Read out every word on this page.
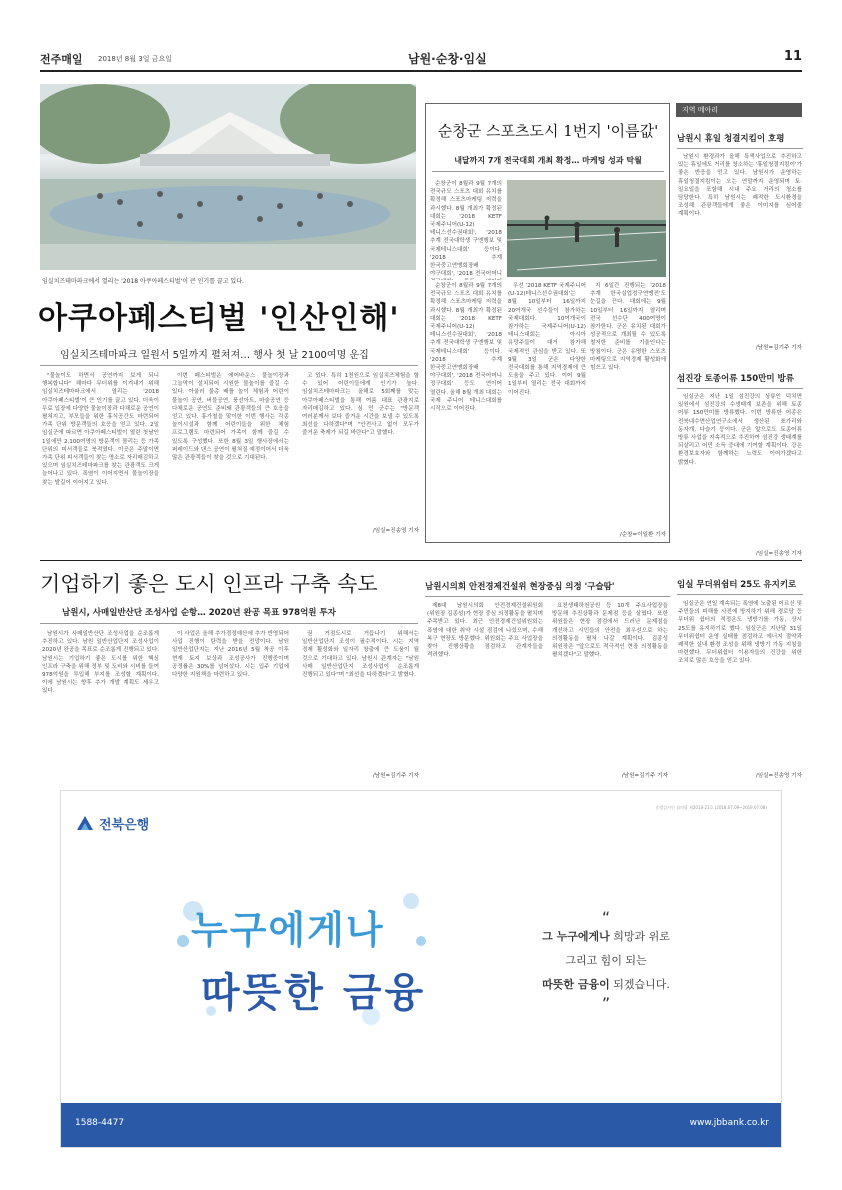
전주매일 2018년 8월 3일 금요일	남원·순창·임실	11
임실치즈테마파크에서 열리는 '2018 아쿠아페스티벌'이 큰 인기를 끌고 있다.
아쿠아페스티벌 '인산인해'
임실치즈테마파크 일원서 5일까지 펼쳐져… 행사 첫 날 2100여명 운집

"물놀이도 하면서 공연까지 보게 되니 행복합니다" 해마다 무더위를 이겨내기 위해 임실치즈테마파크에서 열리는 '2018 아쿠아페스티벌'이 큰 인기를 끌고 있다. 더욱이 무료 입장에 다양한 물놀이장과 다채로운 공연이 펼쳐지고, 부모들을 위한 휴식공간도 마련되어 가족 단위 방문객들의 호응을 얻고 있다. 2일 임실군에 따르면 아쿠아페스티벌이 열린 첫날인 1일에만 2,100여명의 방문객이 몰리는 등 가족 단위의 피서객들로 북적였다. 이곳은 주말이면 가족 단위 피서객들이 찾는 명소로 자리매김하고 있으며 임실치즈테마파크를 찾는 관광객도 크게 늘어나고 있다. 폭염이 이어지면서 물놀이장을 찾는 발길이 이어지고 있다.

이번 페스티벌은 에어바운스 물놀이장과 그늘막이 설치되어 시원한 물놀이를 즐길 수 있다. 아울러 물총 배틀 놀이 체험과 어린이 물놀이 공연, 버블공연, 풍선아트, 마술공연 등 다채로운 공연도 준비돼 관광객들의 큰 호응을 얻고 있다. 휴가철을 맞이한 이번 행사는 각종 놀이시설과 함께 어린이들을 위한 체험 프로그램도 마련되어 가족이 함께 즐길 수 있도록 구성했다. 또한 8월 3일 행사장에서는 퍼레이드와 댄스 공연이 펼쳐질 예정이어서 더욱 많은 관광객들이 찾을 것으로 기대된다.

고 있다. 특히 1천원으로 임실치즈체험을 할 수 있어 어린이들에게 인기가 높다. 임실치즈테마파크는 올해로 5회째를 맞는 아쿠아페스티벌을 통해 여름 대표 관광지로 자리매김하고 있다. 심 민 군수는 "방문객 여러분께서 보다 즐거운 시간을 보낼 수 있도록 최선을 다하겠다"며 "안전사고 없이 모두가 즐거운 축제가 되길 바란다"고 말했다.

/임실=진송영 기자
순창군 스포츠도시 1번지 '이름값'
내달까지 7개 전국대회 개최 확정… 마케팅 성과 탁월

순창군이 8월과 9월 7개의 전국규모 스포츠 대회 유치를 확정해 스포츠마케팅 저력을 과시했다. 8월 개최가 확정된 대회는 '2018 KETF 국제주니어(U-12)테니스선수권대회', '2018 추계 전국대학생 구엔행보 및 국제테니스대회' 등이다. '2018 추계 한국중고연맹회장배 야구대회', '2018 전국어머니

우선 '2018 KETF 국제주니어(U-12)테니스선수권대회'는 8월 10일부터 16일까지 20여개국 선수들이 참가하는 국제대회다. 10여개국이 참가하는 국제주니어(U-12)테니스대회는 아시아 유망주들이 대거 참가해 국제적인 관심을 받고 있다. 또 9월 3일 군은 다양한 전국대회를 통해 지역경제에 큰 도움을 주고 있다. 이어 9월 1일부터 열리는 전국 대회까지 이어진다.

순창군이 8월과 9월 7개의 전국규모 스포츠 대회 유치를 확정해 스포츠마케팅 저력을 과시했다. 8월 개최가 확정된 대회는 '2018 KETF 국제주니어(U-12)테니스선수권대회', '2018 추계 전국대학생 구엔행보 및 국제테니스대회' 등이다. '2018 추계 한국중고연맹회장배 야구대회', '2018 전국어머니 정구대회' 등도 연이어 열린다. 올해 8월 개최 대회는 국제 주니어 테니스대회를 시작으로 이어진다.

지 6일간 진행되는 '2018 추계 한국실업정구연맹전'도 눈길을 끈다. 대회에는 9월 10일부터 16일까지 열리며 전국 선수단 400여명이 참가한다. 군은 유치된 대회가 성공적으로 개최될 수 있도록 철저한 준비를 기울인다는 방침이다. 군은 유명한 스포츠 마케팅으로 지역경제 활성화에 힘쓰고 있다.

/순창=이일환 기자
지역 메아리
남원시 휴일 청결지킴이 호평

남원시 환경과가 올해 특색사업으로 추진하고 있는 휴일에도 거리를 청소하는 '휴일청결지킴이'가 좋은 반응을 얻고 있다. 남원시가 운영하는 휴일청결지킴이는 오는 연말까지 운영되며 토·일요일을 포함해 시내 주요 거리의 청소를 담당한다. 특히 남원시는 쾌적한 도시환경을 조성해 관광객들에게 좋은 이미지를 심어줄 계획이다.

/남원=김기주 기자
섬진강 토종어류 150만미 방류

임실군은 지난 1일 섬진강의 상류인 덕치면 일원에서 섬진강의 수생태계 보존을 위해 토종 어류 150만미를 방류했다. 이번 방류한 어종은 전북내수면산업연구소에서 생산된 쏘가리와 동자개, 다슬기 등이다. 군은 앞으로도 토종어류 방류 사업을 지속적으로 추진하여 섬진강 생태계를 되살리고 어민 소득 증대에 기여할 계획이다. 강은 환경보호자와 함께하는 노력도 이어가겠다고 밝혔다.

/임실=진송영 기자
기업하기 좋은 도시 인프라 구축 속도
남원시, 사매일반산단 조성사업 순항… 2020년 완공 목표 978억원 투자

남원시가 사매일반산단 조성사업을 순조롭게 추진하고 있다. 남원 일반산업단지 조성사업이 2020년 완공을 목표로 순조롭게 진행되고 있다. 남원시는 기업하기 좋은 도시를 위한 핵심 인프라 구축을 위해 정부 및 도비와 시비를 들여 978억원을 투입해 부지를 조성할 계획이다. 이에 남원시는 향후 추가 개발 계획도 세우고 있다.

이 사업은 올해 추가경정예산에 추가 반영되어 사업 진행이 탄력을 받을 전망이다. 남원 일반산업단지는 지난 2016년 5월 착공 이후 현재 토지 보상과 조성공사가 진행중이며 공정률은 30%를 넘어섰다. 시는 입주 기업에 다양한 지원책을 마련하고 있다.

권 거점도시로 거듭나기 위해서는 일반산업단지 조성이 필수적이다. 시는 지역 경제 활성화와 일자리 창출에 큰 도움이 될 것으로 기대하고 있다. 남원시 관계자는 "남원 사매 일반산업단지 조성사업이 순조롭게 진행되고 있다"며 "최선을 다하겠다"고 밝혔다.

/남원=김기주 기자
남원시의회 안전경제건설위 현장중심 의정 '구슬땀'

제8대 남원시의회 안전경제건설위원회(위원장 김종성)가 현장 중심 의정활동을 펼치며 주목받고 있다. 최근 안전경제건설위원회는 폭염에 대한 취약 시설 점검에 나섰으며, 수해 복구 현장도 방문했다. 위원회는 주요 사업장을 찾아 진행상황을 점검하고 관계자들을 격려했다.

요천생태하천공원 등 10개 주요사업장을 방문해 추진상황과 문제점 등을 살폈다. 또한 위원들은 현장 점검에서 드러난 문제점을 개선하고 시민들의 안전을 최우선으로 하는 의정활동을 펼쳐 나갈 계획이다. 김종성 위원장은 "앞으로도 적극적인 현장 의정활동을 펼치겠다"고 말했다.

/남원=김기주 기자
임실 무더위쉼터 25도 유지키로

임실군은 연일 계속되는 폭염에 노출된 어르신 및 주민들의 피해를 사전에 방지하기 위해 경로당 등 무더위 쉼터의 적정온도 냉방기를 가동, 상시 25도를 유지하기로 했다. 임실군은 지난달 31일 무더위쉼터 운영 실태를 점검하고 에너지 절약과 쾌적한 실내 환경 조성을 위해 냉방기 가동 지침을 마련했다. 무더위쉼터 이용자들의 건강을 위한 조치로 많은 호응을 얻고 있다.

/임실=진송영 기자
준법감시인 심의필 제2018-21호 (2018.07.09~2019.07.08)
전북은행
누구에게나
따뜻한 금융
“
그 누구에게나 희망과 위로
그리고 힘이 되는
따뜻한 금융이 되겠습니다.
”
1588-4477	www.jbbank.co.kr
